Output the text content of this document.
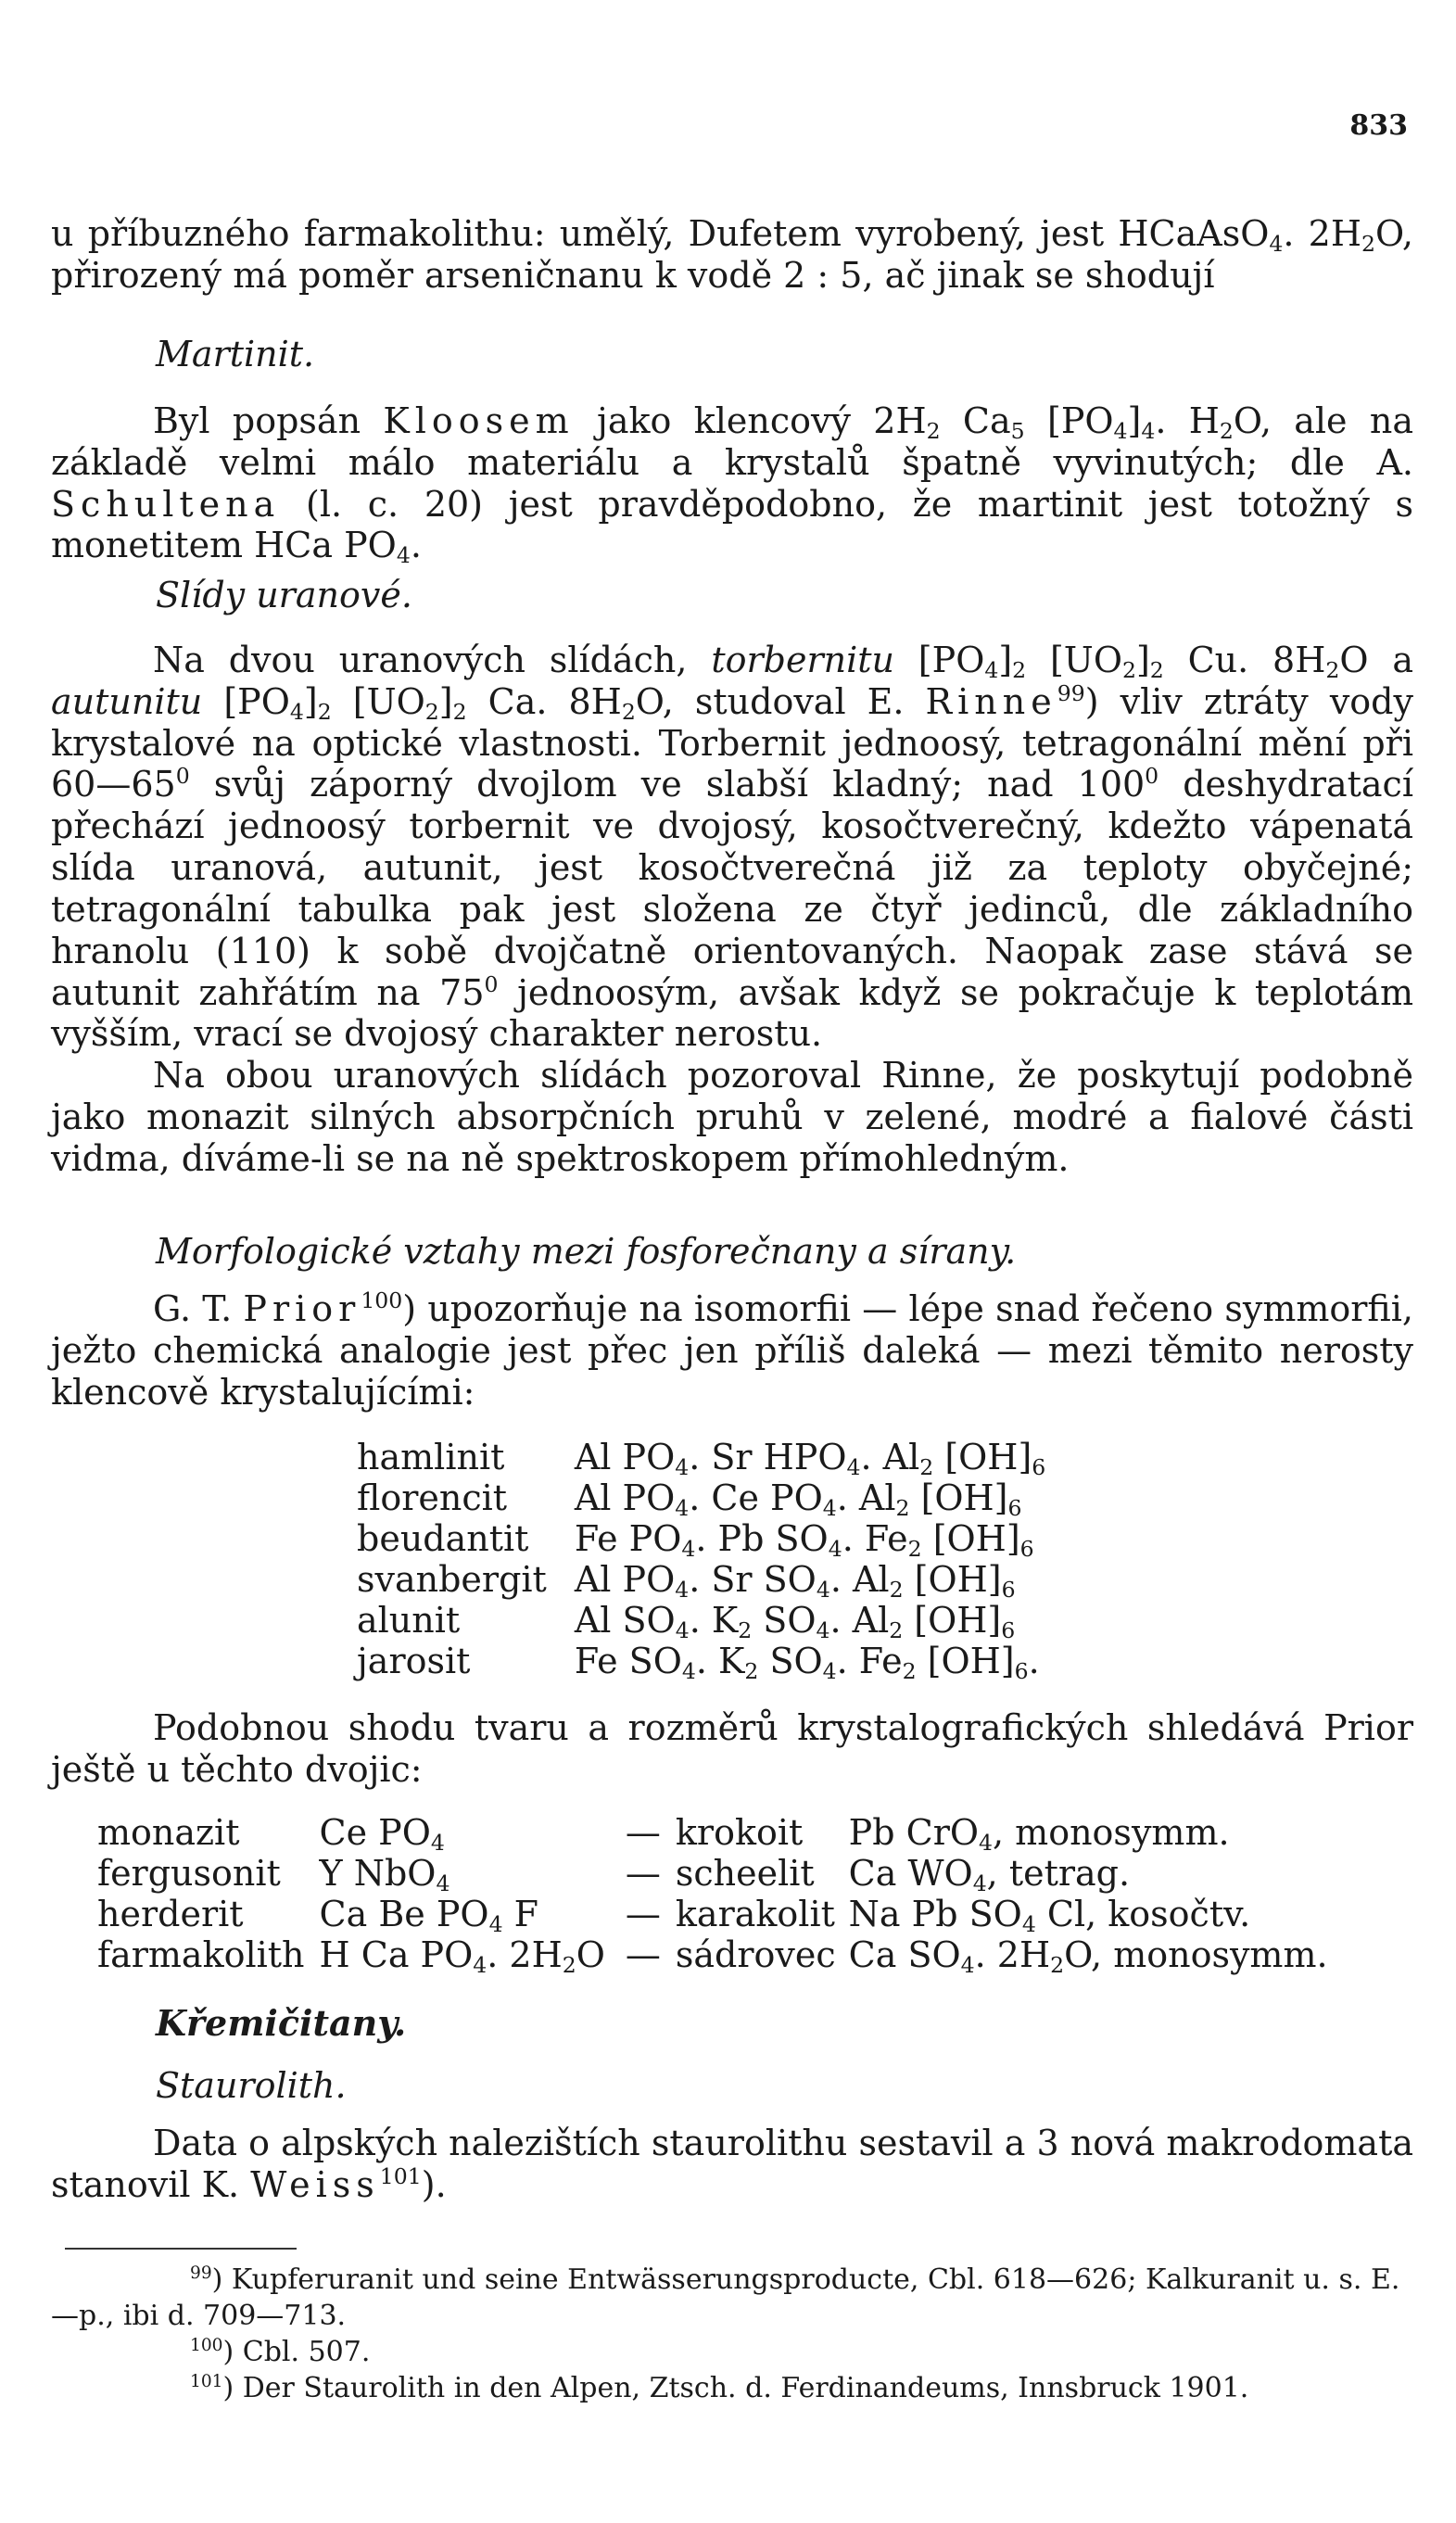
833
u příbuzného farmakolithu: umělý, Dufetem vyrobený, jest HCaAsO$_4$. $2H_2O$, přirozený má poměr arseničnanu k vodě 2 : 5, ač jinak se shodují
Martinit.
Byl popsán Kloosem jako klencový $2H_2$ $Ca_5$ $[PO_4]_4$. $H_2O$, ale na základě velmi málo materiálu a krystalů špatně vyvinutých; dle A. Schultena (l. c. 20) jest pravděpodobno, že martinit jest totožný s monetitem HCa $PO_4$.
Slídy uranové.
Na dvou uranových slídách, torbernitu $[PO_4]_2$ $[UO_2]_2$ Cu. $8H_2O$ a autunitu $[PO_4]_2$ $[UO_2]_2$ Ca. $8H_2O$, studoval E. Rinne$^{99}$) vliv ztráty vody krystalové na optické vlastnosti. Torbernit jednoosý, tetragonální mění při $60—65^0$ svůj záporný dvojlom ve slabší kladný; nad $100^0$ deshydratací přechází jednoosý torbernit ve dvojosý, kosočtverečný, kdežto vápenatá slída uranová, autunit, jest kosočtverečná již za teploty obyčejné; tetragonální tabulka pak jest složena ze čtyř jedinců, dle základního hranolu (110) k sobě dvojčatně orientovaných. Naopak zase stává se autunit zahřátím na $75^0$ jednoosým, avšak když se pokračuje k teplotám vyšším, vrací se dvojosý charakter nerostu.
Na obou uranových slídách pozoroval Rinne, že poskytují podobně jako monazit silných absorpčních pruhů v zelené, modré a fialové části vidma, díváme-li se na ně spektroskopem přímohledným.
Morfologické vztahy mezi fosforečnany a sírany.
G. T. Prior$^{100}$) upozorňuje na isomorfii — lépe snad řečeno symmorfii, ježto chemická analogie jest přec jen příliš daleká — mezi těmito nerosty klencově krystalujícími:
hamlinit	Al $PO_4$. Sr $HPO_4$. $Al_2$ $[OH]_6$
florencit	Al $PO_4$. Ce $PO_4$. $Al_2$ $[OH]_6$
beudantit	Fe $PO_4$. Pb $SO_4$. $Fe_2$ $[OH]_6$
svanbergit	Al $PO_4$. Sr $SO_4$. $Al_2$ $[OH]_6$
alunit	Al $SO_4$. $K_2$ $SO_4$. $Al_2$ $[OH]_6$
jarosit	Fe $SO_4$. $K_2$ $SO_4$. $Fe_2$ $[OH]_6$.
Podobnou shodu tvaru a rozměrů krystalografických shledává Prior ještě u těchto dvojic:
monazit	Ce $PO_4$	—	krokoit	Pb CrO$_4$, monosymm.
fergusonit	Y NbO$_4$	—	scheelit	Ca $WO_4$, tetrag.
herderit	Ca Be $PO_4$ F	—	karakolit	Na Pb $SO_4$ Cl, kosočtv.
farmakolith	H Ca $PO_4$. $2H_2O$	—	sádrovec	Ca $SO_4$. $2H_2O$, monosymm.
Křemičitany.
Staurolith.
Data o alpských nalezištích staurolithu sestavil a 3 nová makrodomata stanovil K. Weiss$^{101}$).

$^{99}$) Kupferuranit und seine Entwässerungsproducte, Cbl. 618—626; Kalkuranit u. s. E.—p., ibi d. 709—713.

$^{100}$) Cbl. 507.

$^{101}$) Der Staurolith in den Alpen, Ztsch. d. Ferdinandeums, Innsbruck 1901.
